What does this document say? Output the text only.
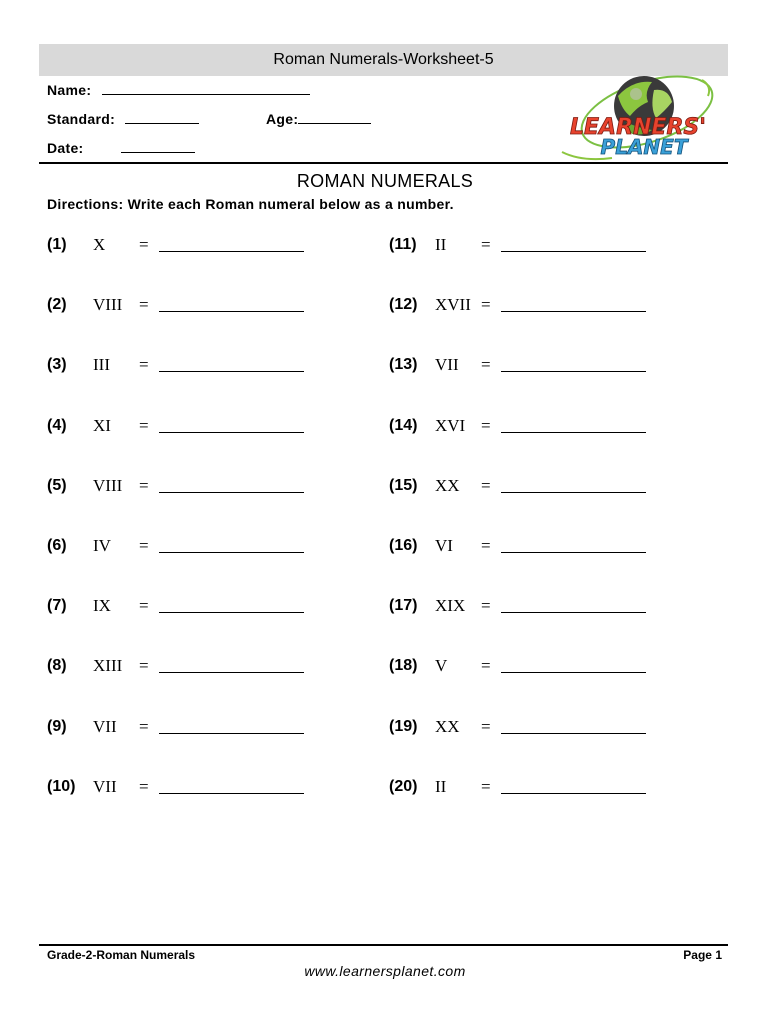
Roman Numerals-Worksheet-5
Name:
Standard:	Age:
Date:
LEARNERS'
PLANET
ROMAN NUMERALS
Directions: Write each Roman numeral below as a number.
(1) X =
(2) VIII =
(3) III =
(4) XI =
(5) VIII =
(6) IV =
(7) IX =
(8) XIII =
(9) VII =
(10) VII =
(11) II =
(12) XVII =
(13) VII =
(14) XVI =
(15) XX =
(16) VI =
(17) XIX =
(18) V =
(19) XX =
(20) II =
Grade-2-Roman Numerals	Page 1
www.learnersplanet.com
